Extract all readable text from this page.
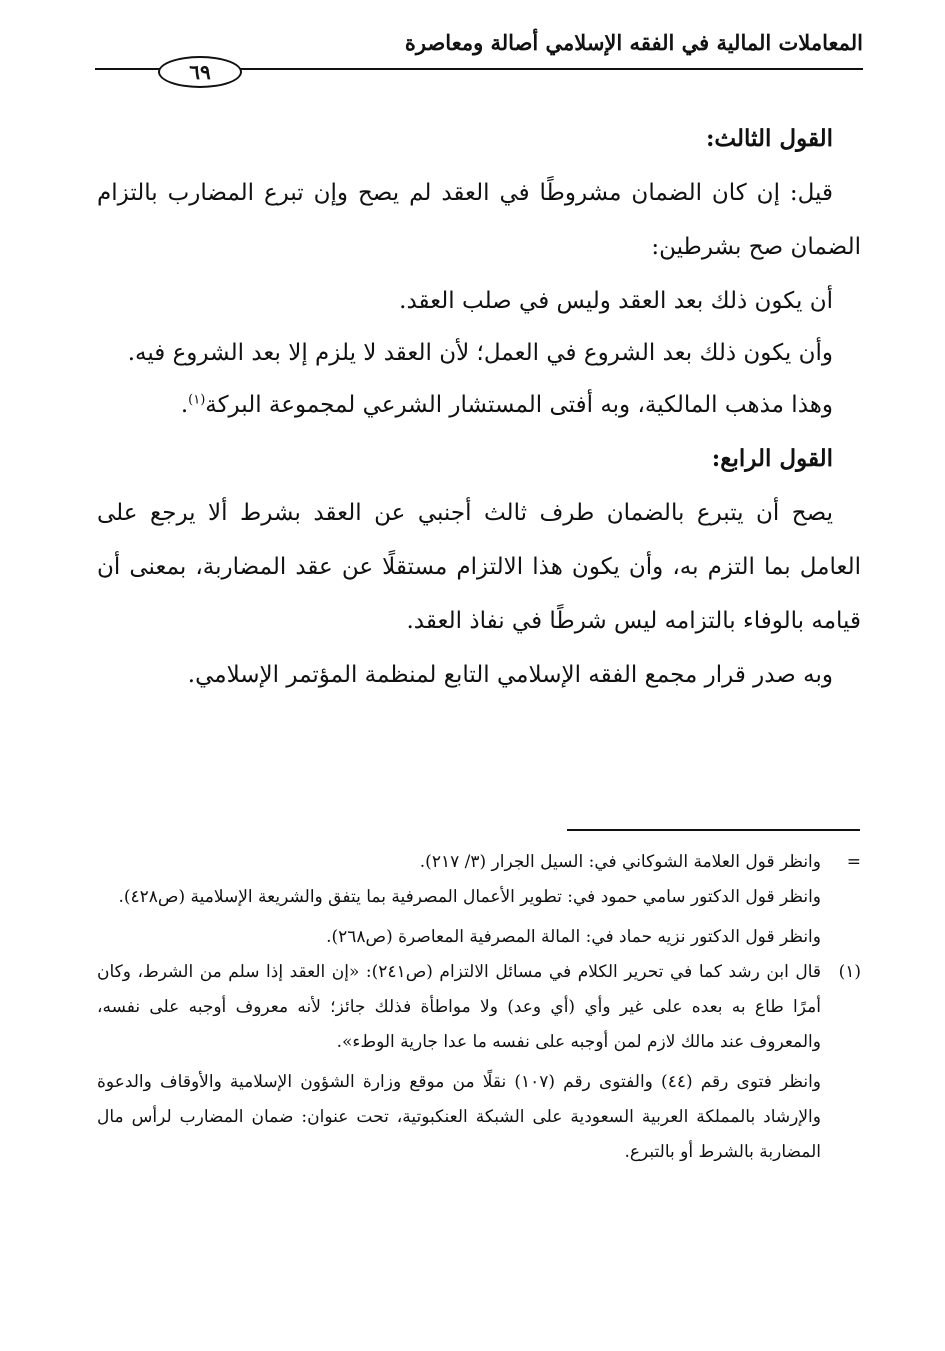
المعاملات المالية في الفقه الإسلامي أصالة ومعاصرة
٦٩

القول الثالث:

قيل: إن كان الضمان مشروطًا في العقد لم يصح وإن تبرع المضارب بالتزام الضمان صح بشرطين:

أن يكون ذلك بعد العقد وليس في صلب العقد.

وأن يكون ذلك بعد الشروع في العمل؛ لأن العقد لا يلزم إلا بعد الشروع فيه.

وهذا مذهب المالكية، وبه أفتى المستشار الشرعي لمجموعة البركة$^{(١)}$.

القول الرابع:

يصح أن يتبرع بالضمان طرف ثالث أجنبي عن العقد بشرط ألا يرجع على العامل بما التزم به، وأن يكون هذا الالتزام مستقلًا عن عقد المضاربة، بمعنى أن قيامه بالوفاء بالتزامه ليس شرطًا في نفاذ العقد.

وبه صدر قرار مجمع الفقه الإسلامي التابع لمنظمة المؤتمر الإسلامي.

=

وانظر قول العلامة الشوكاني في: السيل الجرار (٣/ ٢١٧).

وانظر قول الدكتور سامي حمود في: تطوير الأعمال المصرفية بما يتفق والشريعة الإسلامية (ص٤٢٨).

وانظر قول الدكتور نزيه حماد في: المالة المصرفية المعاصرة (ص٢٦٨).

(١)

قال ابن رشد كما في تحرير الكلام في مسائل الالتزام (ص٢٤١): «إن العقد إذا سلم من الشرط، وكان أمرًا طاع به بعده على غير وأي (أي وعد) ولا مواطأة فذلك جائز؛ لأنه معروف أوجبه على نفسه، والمعروف عند مالك لازم لمن أوجبه على نفسه ما عدا جارية الوطء».

وانظر فتوى رقم (٤٤) والفتوى رقم (١٠٧) نقلًا من موقع وزارة الشؤون الإسلامية والأوقاف والدعوة والإرشاد بالمملكة العربية السعودية على الشبكة العنكبوتية، تحت عنوان: ضمان المضارب لرأس مال المضاربة بالشرط أو بالتبرع.
